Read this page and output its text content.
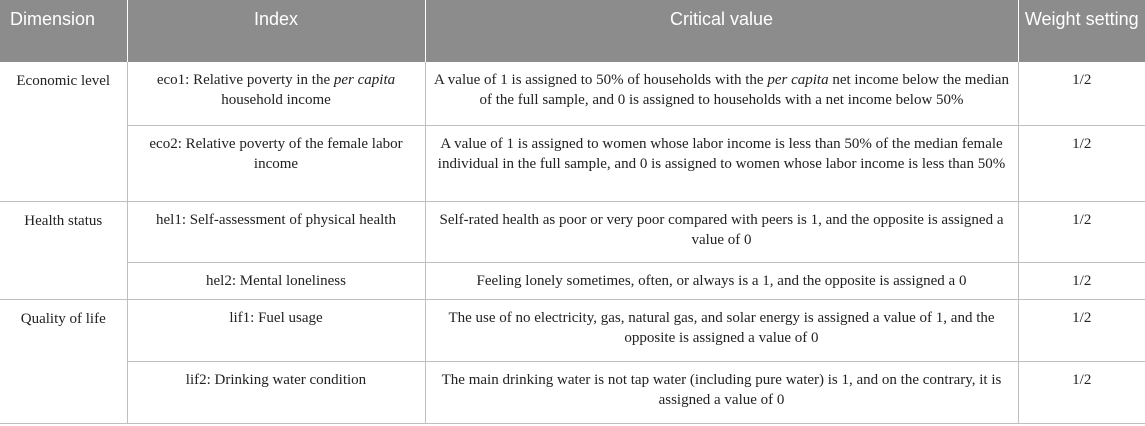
Dimension	Index	Critical value	Weight setting
Economic level	eco1: Relative poverty in the per capita household income	A value of 1 is assigned to 50% of households with the per capita net income below the median of the full sample, and 0 is assigned to households with a net income below 50%	1/2
	eco2: Relative poverty of the female labor income	A value of 1 is assigned to women whose labor income is less than 50% of the median female individual in the full sample, and 0 is assigned to women whose labor income is less than 50%	1/2
Health status	hel1: Self-assessment of physical health	Self-rated health as poor or very poor compared with peers is 1, and the opposite is assigned a value of 0	1/2
	hel2: Mental loneliness	Feeling lonely sometimes, often, or always is a 1, and the opposite is assigned a 0	1/2
Quality of life	lif1: Fuel usage	The use of no electricity, gas, natural gas, and solar energy is assigned a value of 1, and the opposite is assigned a value of 0	1/2
	lif2: Drinking water condition	The main drinking water is not tap water (including pure water) is 1, and on the contrary, it is assigned a value of 0	1/2
